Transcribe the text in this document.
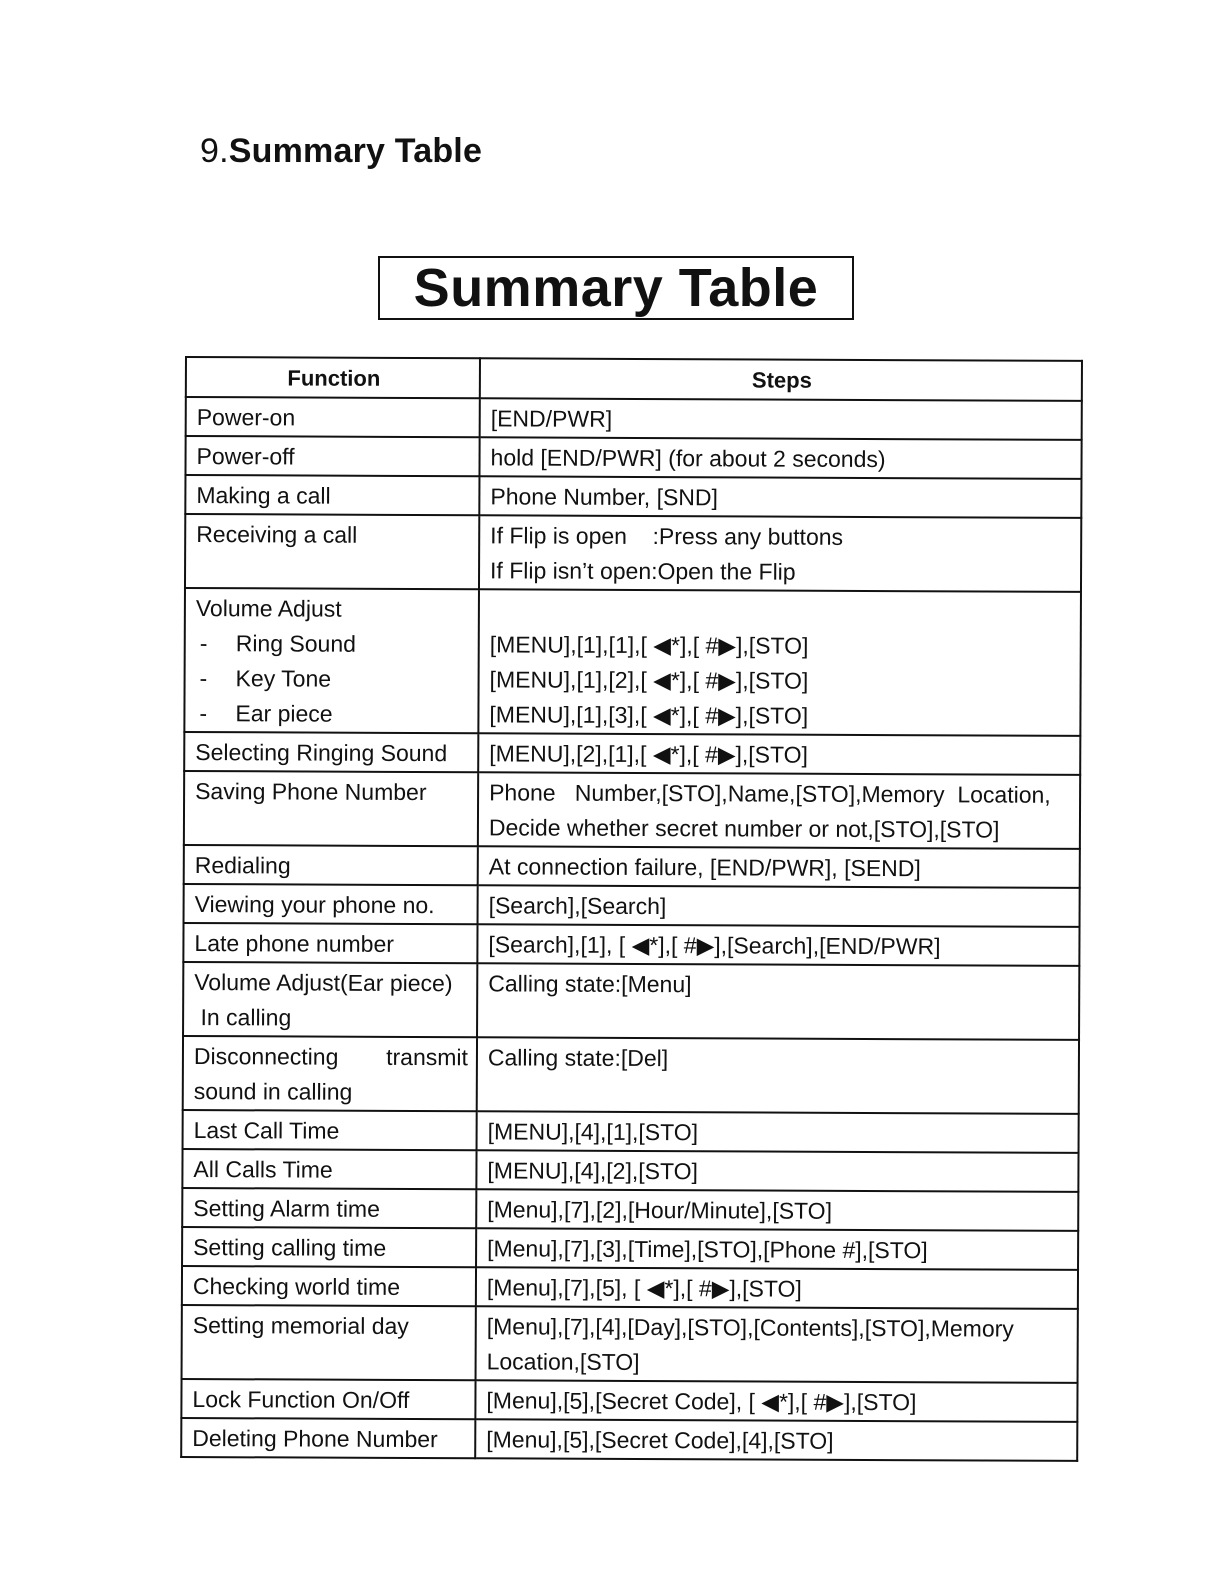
9.Summary Table
Summary Table
Function	Steps

Power-on	[END/PWR]

Power-off	hold [END/PWR] (for about 2 seconds)

Making a call	Phone Number, [SND]

Receiving a call	If Flip is open    :Press any buttons
If Flip isn’t open:Open the Flip

Volume Adjust
- Ring Sound
- Key Tone
- Ear piece	[MENU],[1],[1],[ ◀*],[ #▶],[STO]
[MENU],[1],[2],[ ◀*],[ #▶],[STO]
[MENU],[1],[3],[ ◀*],[ #▶],[STO]

Selecting Ringing Sound	[MENU],[2],[1],[ ◀*],[ #▶],[STO]

Saving Phone Number	Phone   Number,[STO],Name,[STO],Memory  Location,
Decide whether secret number or not,[STO],[STO]

Redialing	At connection failure, [END/PWR], [SEND]

Viewing your phone no.	[Search],[Search]

Late phone number	[Search],[1], [ ◀*],[ #▶],[Search],[END/PWR]

Volume Adjust(Ear piece)
In calling	Calling state:[Menu]

Disconnecting transmit
sound in calling	Calling state:[Del]

Last Call Time	[MENU],[4],[1],[STO]

All Calls Time	[MENU],[4],[2],[STO]

Setting Alarm time	[Menu],[7],[2],[Hour/Minute],[STO]

Setting calling time	[Menu],[7],[3],[Time],[STO],[Phone #],[STO]

Checking world time	[Menu],[7],[5], [ ◀*],[ #▶],[STO]

Setting memorial day	[Menu],[7],[4],[Day],[STO],[Contents],[STO],Memory
Location,[STO]

Lock Function On/Off	[Menu],[5],[Secret Code], [ ◀*],[ #▶],[STO]

Deleting Phone Number	[Menu],[5],[Secret Code],[4],[STO]
